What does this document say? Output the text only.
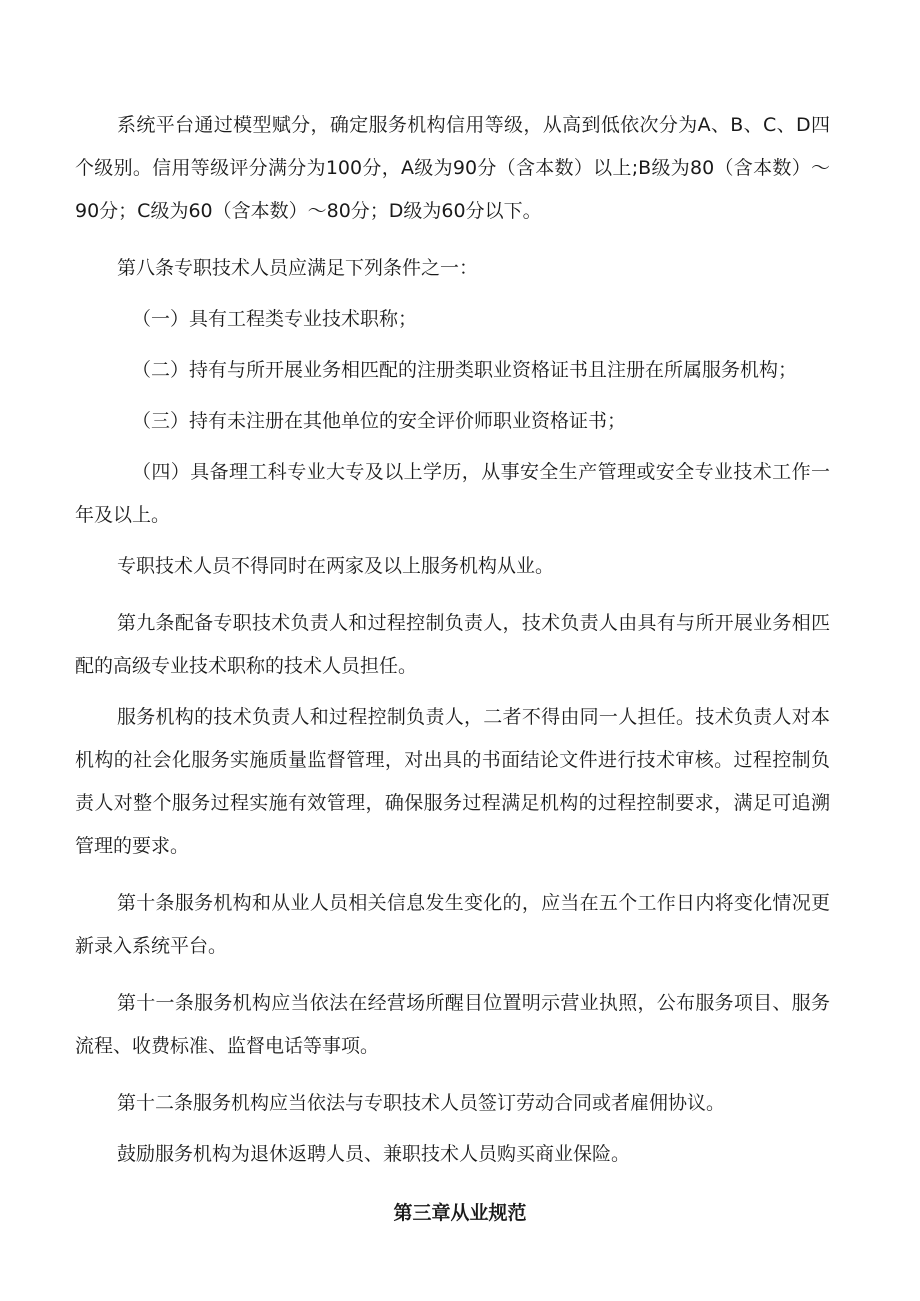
系统平台通过模型赋分，确定服务机构信用等级，从高到低依次分为A、B、C、D四个级别。信用等级评分满分为100分，A级为90分（含本数）以上;B级为80（含本数）〜90分；C级为60（含本数）〜80分；D级为60分以下。

第八条专职技术人员应满足下列条件之一：

（一）具有工程类专业技术职称；

（二）持有与所开展业务相匹配的注册类职业资格证书且注册在所属服务机构；

（三）持有未注册在其他单位的安全评价师职业资格证书；

（四）具备理工科专业大专及以上学历，从事安全生产管理或安全专业技术工作一年及以上。

专职技术人员不得同时在两家及以上服务机构从业。

第九条配备专职技术负责人和过程控制负责人，技术负责人由具有与所开展业务相匹配的高级专业技术职称的技术人员担任。

服务机构的技术负责人和过程控制负责人，二者不得由同一人担任。技术负责人对本机构的社会化服务实施质量监督管理，对出具的书面结论文件进行技术审核。过程控制负责人对整个服务过程实施有效管理，确保服务过程满足机构的过程控制要求，满足可追溯管理的要求。

第十条服务机构和从业人员相关信息发生变化的，应当在五个工作日内将变化情况更新录入系统平台。

第十一条服务机构应当依法在经营场所醒目位置明示营业执照，公布服务项目、服务流程、收费标准、监督电话等事项。

第十二条服务机构应当依法与专职技术人员签订劳动合同或者雇佣协议。

鼓励服务机构为退休返聘人员、兼职技术人员购买商业保险。

第三章从业规范
